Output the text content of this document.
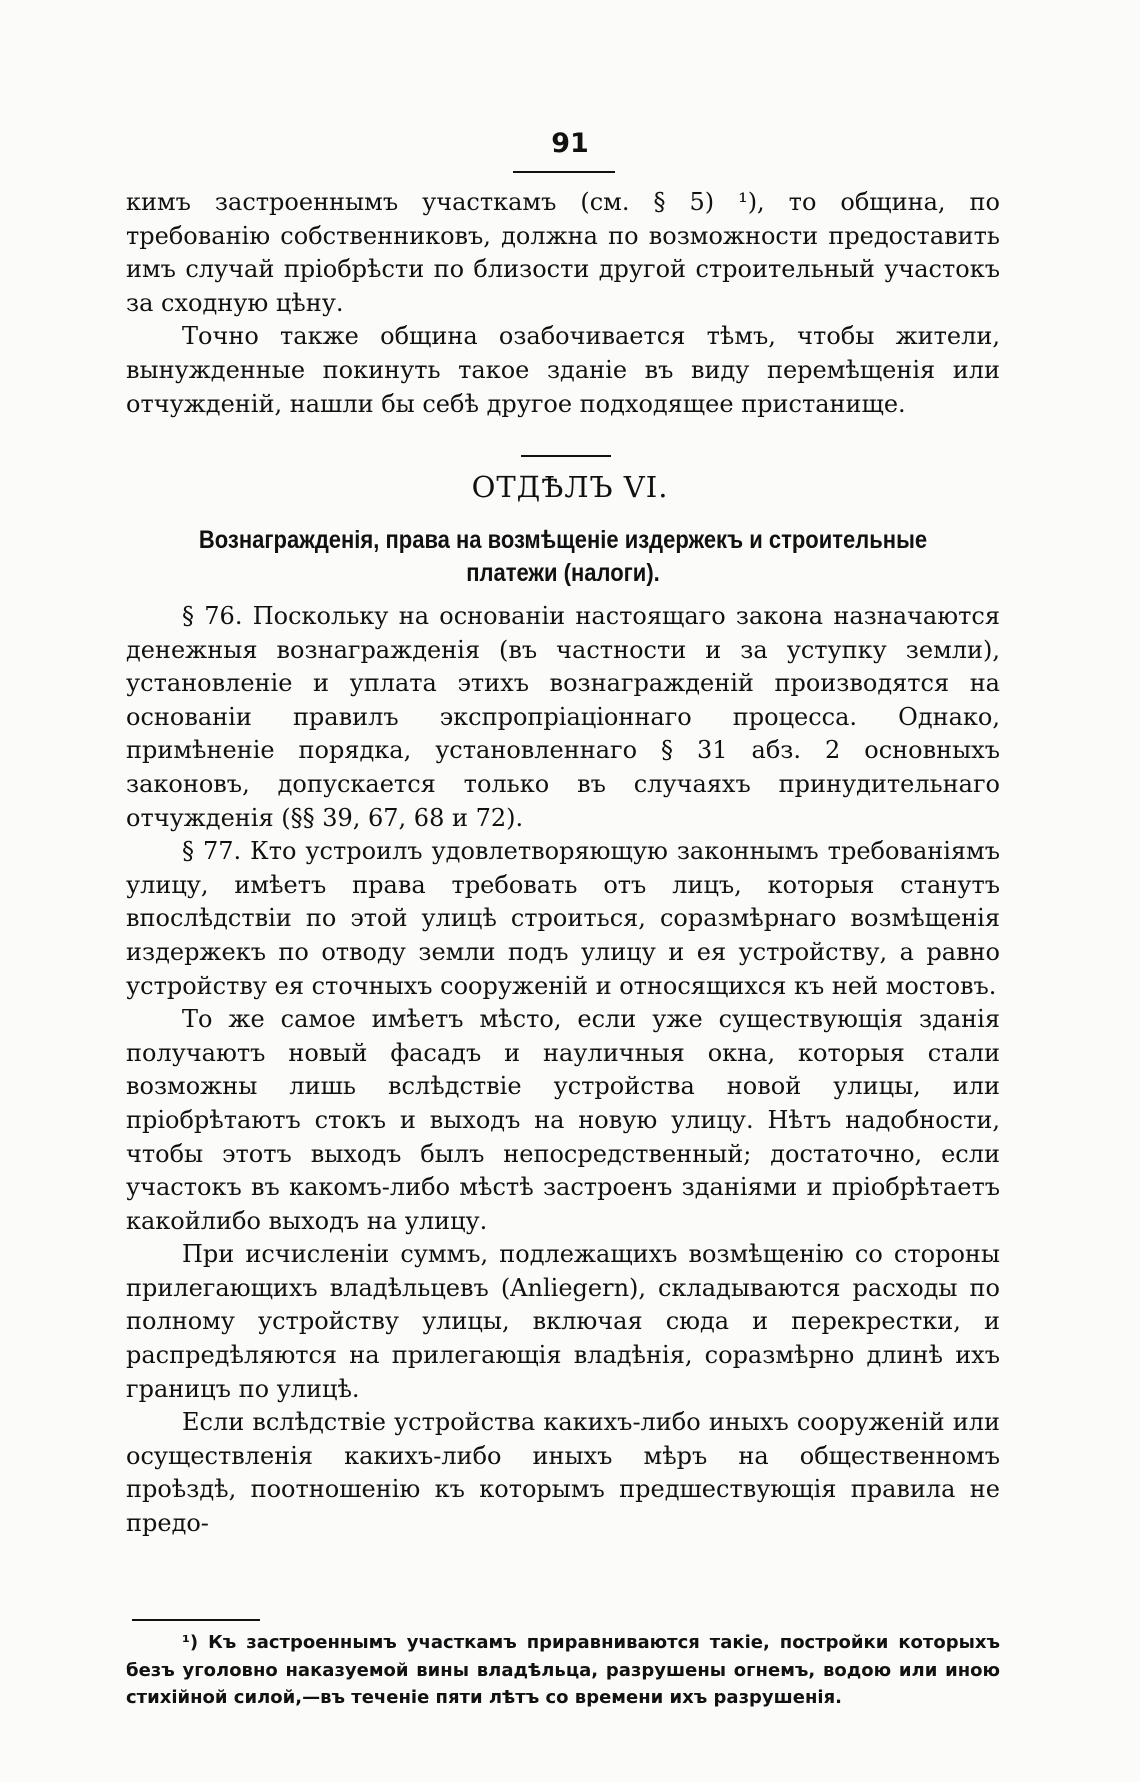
91

кимъ застроеннымъ участкамъ (см. § 5) ¹), то община, по требованію собственниковъ, должна по возможности предоставить имъ случай пріобрѣсти по близости другой строительный участокъ за сходную цѣну.

Точно также община озабочивается тѣмъ, чтобы жители, вынужденные покинуть такое зданіе въ виду перемѣщенія или отчужденій, нашли бы себѣ другое подходящее пристанище.

ОТДѢЛЪ VI.
Вознагражденія, права на возмѣщеніе издержекъ и строительные платежи (налоги).

§ 76. Поскольку на основаніи настоящаго закона назначаются денежныя вознагражденія (въ частности и за уступку земли), установленіе и уплата этихъ вознагражденій производятся на основаніи правилъ экспропріаціоннаго процесса. Однако, примѣненіе порядка, установленнаго § 31 абз. 2 основныхъ законовъ, допускается только въ случаяхъ принудительнаго отчужденія (§§ 39, 67, 68 и 72).

§ 77. Кто устроилъ удовлетворяющую законнымъ требованіямъ улицу, имѣетъ права требовать отъ лицъ, которыя станутъ впослѣдствіи по этой улицѣ строиться, соразмѣрнаго возмѣщенія издержекъ по отводу земли подъ улицу и ея устройству, а равно устройству ея сточныхъ сооруженій и относящихся къ ней мостовъ.

То же самое имѣетъ мѣсто, если уже существующія зданія получаютъ новый фасадъ и науличныя окна, которыя стали возможны лишь вслѣдствіе устройства новой улицы, или пріобрѣтаютъ стокъ и выходъ на новую улицу. Нѣтъ надобности, чтобы этотъ выходъ былъ непосредственный; достаточно, если участокъ въ какомъ-либо мѣстѣ застроенъ зданіями и пріобрѣтаетъ какойлибо выходъ на улицу.

При исчисленіи суммъ, подлежащихъ возмѣщенію со стороны прилегающихъ владѣльцевъ (Anliegern), складываются расходы по полному устройству улицы, включая сюда и перекрестки, и распредѣляются на прилегающія владѣнія, соразмѣрно длинѣ ихъ границъ по улицѣ.

Если вслѣдствіе устройства какихъ-либо иныхъ сооруженій или осуществленія какихъ-либо иныхъ мѣръ на общественномъ проѣздѣ, поотношенію къ которымъ предшествующія правила не предо-

¹) Къ застроеннымъ участкамъ приравниваются такіе, постройки которыхъ безъ уголовно наказуемой вины владѣльца, разрушены огнемъ, водою или иною стихійной силой,—въ теченіе пяти лѣтъ со времени ихъ разрушенія.
